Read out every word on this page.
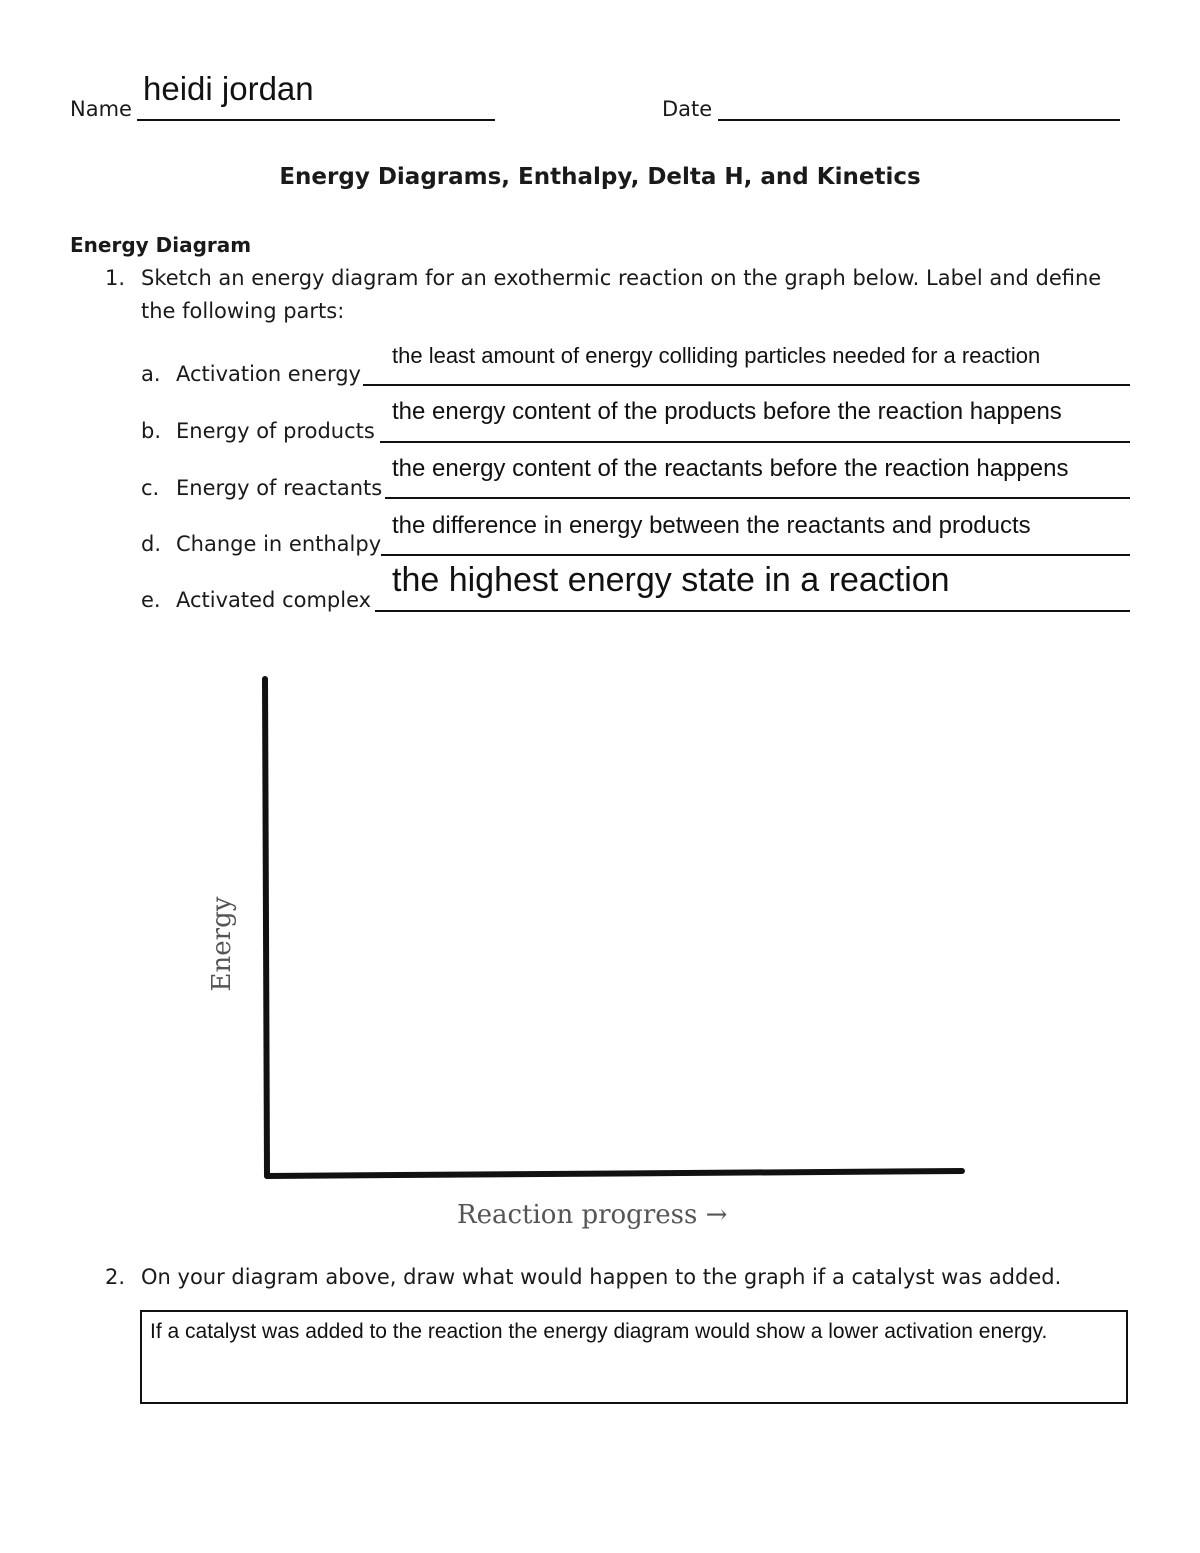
Name
heidi jordan
Date
Energy Diagrams, Enthalpy, Delta H, and Kinetics
Energy Diagram
1. Sketch an energy diagram for an exothermic reaction on the graph below. Label and define the following parts:
a. Activation energy
the least amount of energy colliding particles needed for a reaction
b. Energy of products
the energy content of the products before the reaction happens
c. Energy of reactants
the energy content of the reactants before the reaction happens
d. Change in enthalpy
the difference in energy between the reactants and products
e. Activated complex
the highest energy state in a reaction
Energy
Reaction progress →
2. On your diagram above, draw what would happen to the graph if a catalyst was added.
If a catalyst was added to the reaction the energy diagram would show a lower activation energy.
